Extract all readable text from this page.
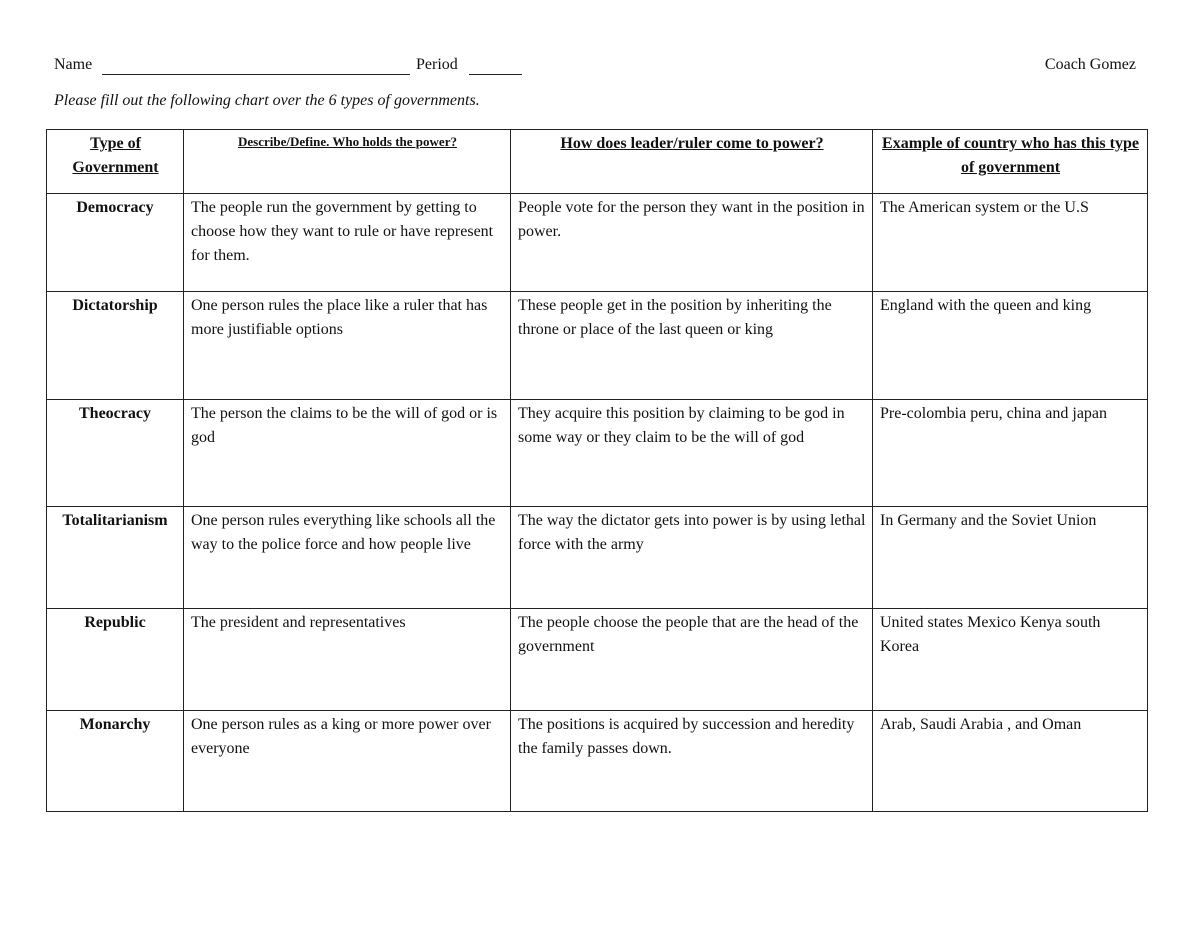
Name	Period	Coach Gomez
Please fill out the following chart over the 6 types of governments.
Type of Government	Describe/Define. Who holds the power?	How does leader/ruler come to power?	Example of country who has this type of government
Democracy	The people run the government by getting to choose how they want to rule or have represent for them.	People vote for the person they want in the position in power.	The American system or the U.S
Dictatorship	One person rules the place like a ruler that has more justifiable options	These people get in the position by inheriting the throne or place of the last queen or king	England with the queen and king
Theocracy	The person the claims to be the will of god or is god	They acquire this position by claiming to be god in some way or they claim to be the will of god	Pre-colombia peru, china and japan
Totalitarianism	One person rules everything like schools all the way to the police force and how people live	The way the dictator gets into power is by using lethal force with the army	In Germany and the Soviet Union
Republic	The president and representatives	The people choose the people that are the head of the government	United states Mexico Kenya south Korea
Monarchy	One person rules as a king or more power over everyone	The positions is acquired by succession and heredity the family passes down.	Arab, Saudi Arabia , and Oman
